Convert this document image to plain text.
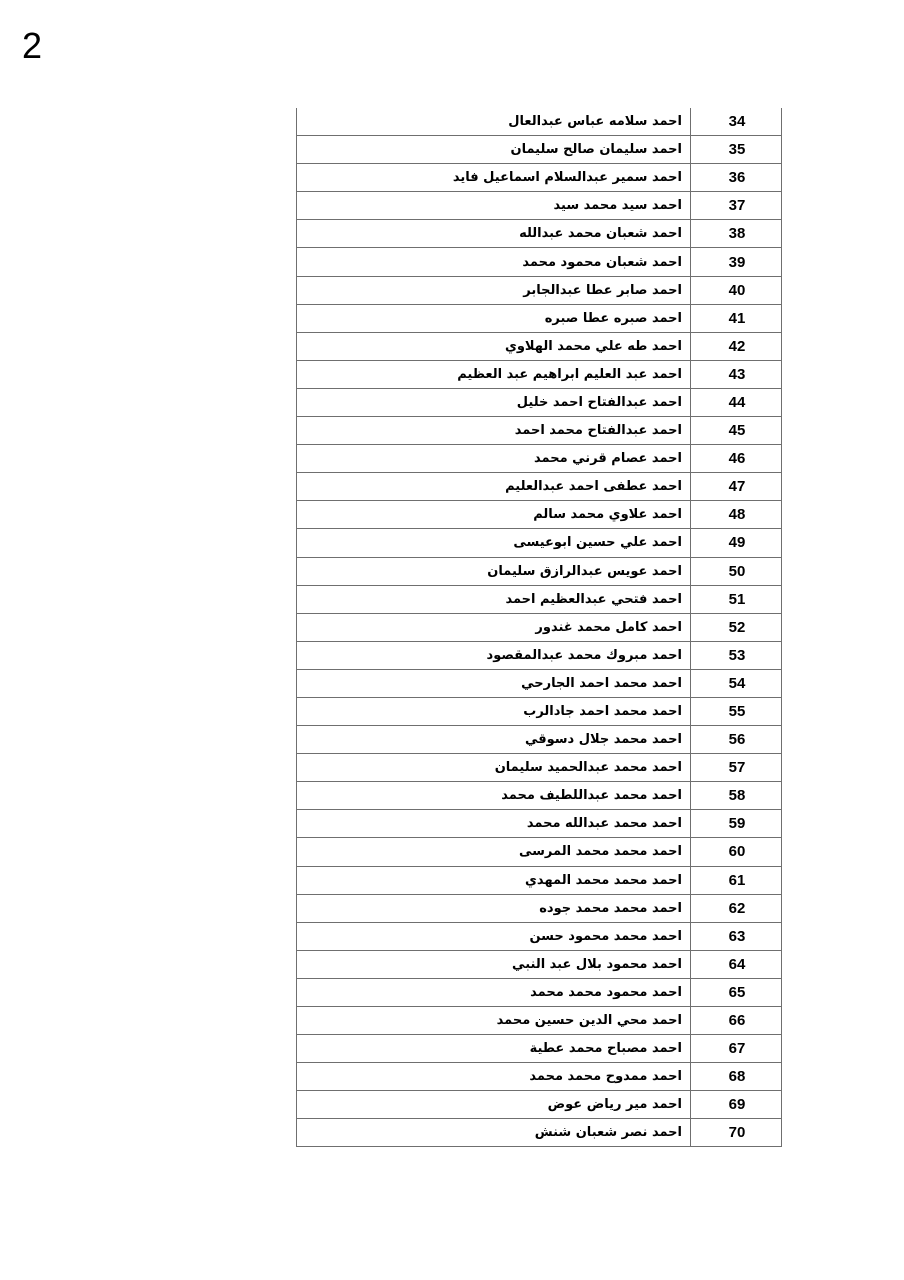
2
احمد سلامه عباس عبدالعال	34
احمد سليمان صالح سليمان	35
احمد سمير عبدالسلام اسماعيل فايد	36
احمد سيد محمد سيد	37
احمد شعبان محمد عبدالله	38
احمد شعبان محمود محمد	39
احمد صابر عطا عبدالجابر	40
احمد صبره عطا صبره	41
احمد طه علي محمد الهلاوي	42
احمد عبد العليم ابراهيم عبد العظيم	43
احمد عبدالفتاح احمد خليل	44
احمد عبدالفتاح محمد احمد	45
احمد عصام قرني محمد	46
احمد عطفى احمد عبدالعليم	47
احمد علاوي محمد سالم	48
احمد علي حسين ابوعيسى	49
احمد عويس عبدالرازق سليمان	50
احمد فتحي عبدالعظيم احمد	51
احمد كامل محمد غندور	52
احمد مبروك محمد عبدالمقصود	53
احمد محمد احمد الجارحي	54
احمد محمد احمد جادالرب	55
احمد محمد جلال دسوقي	56
احمد محمد عبدالحميد سليمان	57
احمد محمد عبداللطيف محمد	58
احمد محمد عبدالله محمد	59
احمد محمد محمد المرسى	60
احمد محمد محمد المهدي	61
احمد محمد محمد جوده	62
احمد محمد محمود حسن	63
احمد محمود بلال عبد النبي	64
احمد محمود محمد محمد	65
احمد محي الدين حسين محمد	66
احمد مصباح محمد عطية	67
احمد ممدوح محمد محمد	68
احمد مير رياض عوض	69
احمد نصر شعبان شنش	70
